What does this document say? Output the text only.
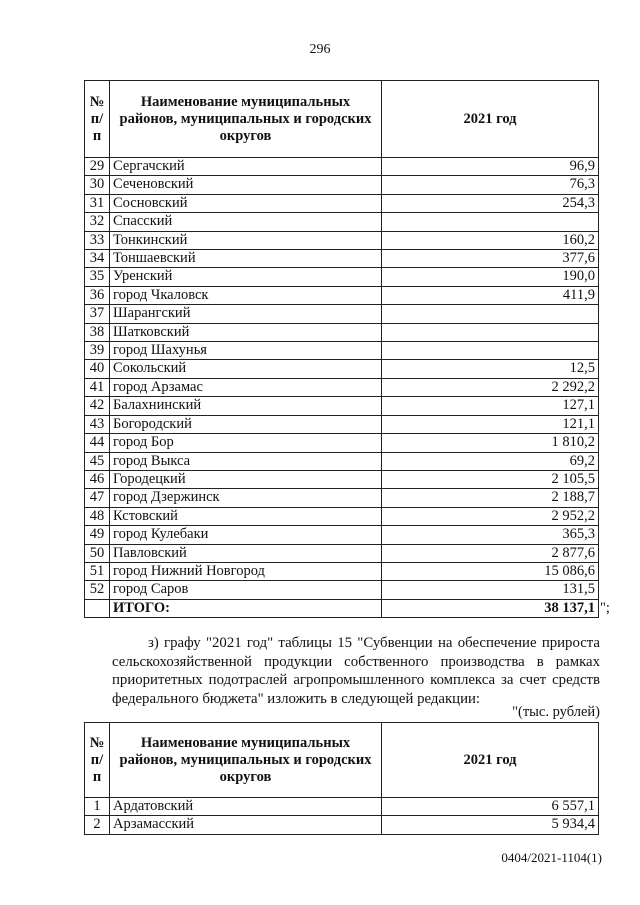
296
№ п/п	Наименование муниципальных районов, муниципальных и городских округов	2021 год
29	Сергачский	96,9
30	Сеченовский	76,3
31	Сосновский	254,3
32	Спасский	
33	Тонкинский	160,2
34	Тоншаевский	377,6
35	Уренский	190,0
36	город Чкаловск	411,9
37	Шарангский	
38	Шатковский	
39	город Шахунья	
40	Сокольский	12,5
41	город Арзамас	2 292,2
42	Балахнинский	127,1
43	Богородский	121,1
44	город Бор	1 810,2
45	город Выкса	69,2
46	Городецкий	2 105,5
47	город Дзержинск	2 188,7
48	Кстовский	2 952,2
49	город Кулебаки	365,3
50	Павловский	2 877,6
51	город Нижний Новгород	15 086,6
52	город Саров	131,5
	ИТОГО:	38 137,1 ";
з) графу "2021 год" таблицы 15 "Субвенции на обеспечение прироста сельскохозяйственной продукции собственного производства в рамках приоритетных подотраслей агропромышленного комплекса за счет средств федерального бюджета" изложить в следующей редакции:
"(тыс. рублей)
№ п/п	Наименование муниципальных районов, муниципальных и городских округов	2021 год
1	Ардатовский	6 557,1
2	Арзамасский	5 934,4
0404/2021-1104(1)
